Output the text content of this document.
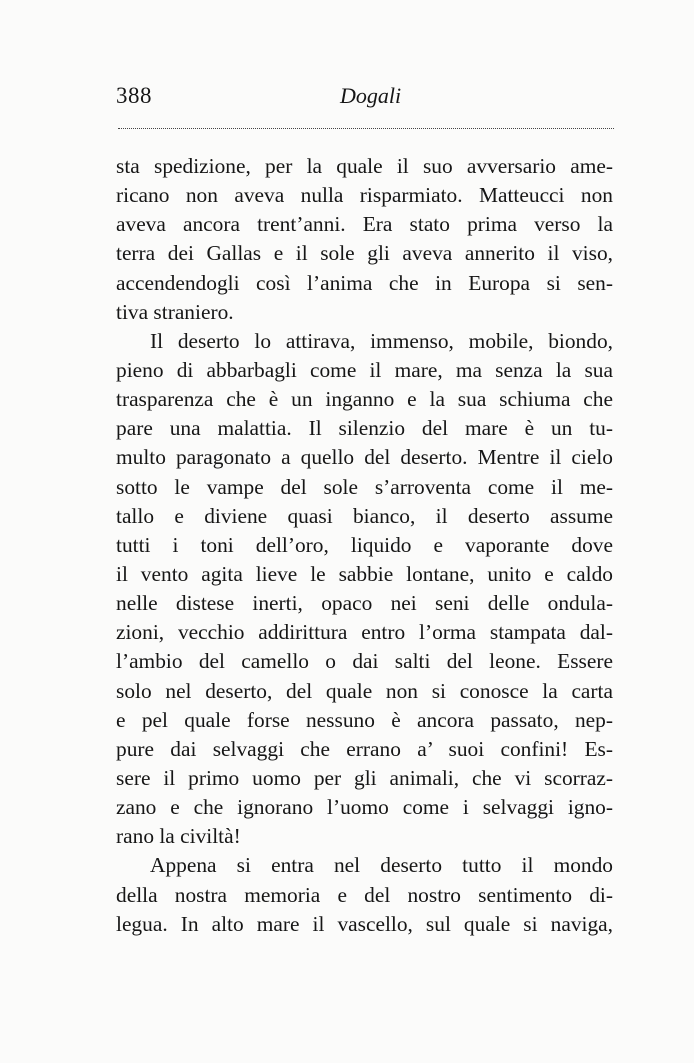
388	Dogali
sta spedizione, per la quale il suo avversario ame-
ricano non aveva nulla risparmiato. Matteucci non
aveva ancora trent’anni. Era stato prima verso la
terra dei Gallas e il sole gli aveva annerito il viso,
accendendogli così l’anima che in Europa si sen-
tiva straniero.
Il deserto lo attirava, immenso, mobile, biondo,
pieno di abbarbagli come il mare, ma senza la sua
trasparenza che è un inganno e la sua schiuma che
pare una malattia. Il silenzio del mare è un tu-
multo paragonato a quello del deserto. Mentre il cielo
sotto le vampe del sole s’arroventa come il me-
tallo e diviene quasi bianco, il deserto assume
tutti i toni dell’oro, liquido e vaporante dove
il vento agita lieve le sabbie lontane, unito e caldo
nelle distese inerti, opaco nei seni delle ondula-
zioni, vecchio addirittura entro l’orma stampata dal-
l’ambio del camello o dai salti del leone. Essere
solo nel deserto, del quale non si conosce la carta
e pel quale forse nessuno è ancora passato, nep-
pure dai selvaggi che errano a’ suoi confini! Es-
sere il primo uomo per gli animali, che vi scorraz-
zano e che ignorano l’uomo come i selvaggi igno-
rano la civiltà!
Appena si entra nel deserto tutto il mondo
della nostra memoria e del nostro sentimento di-
legua. In alto mare il vascello, sul quale si naviga,
